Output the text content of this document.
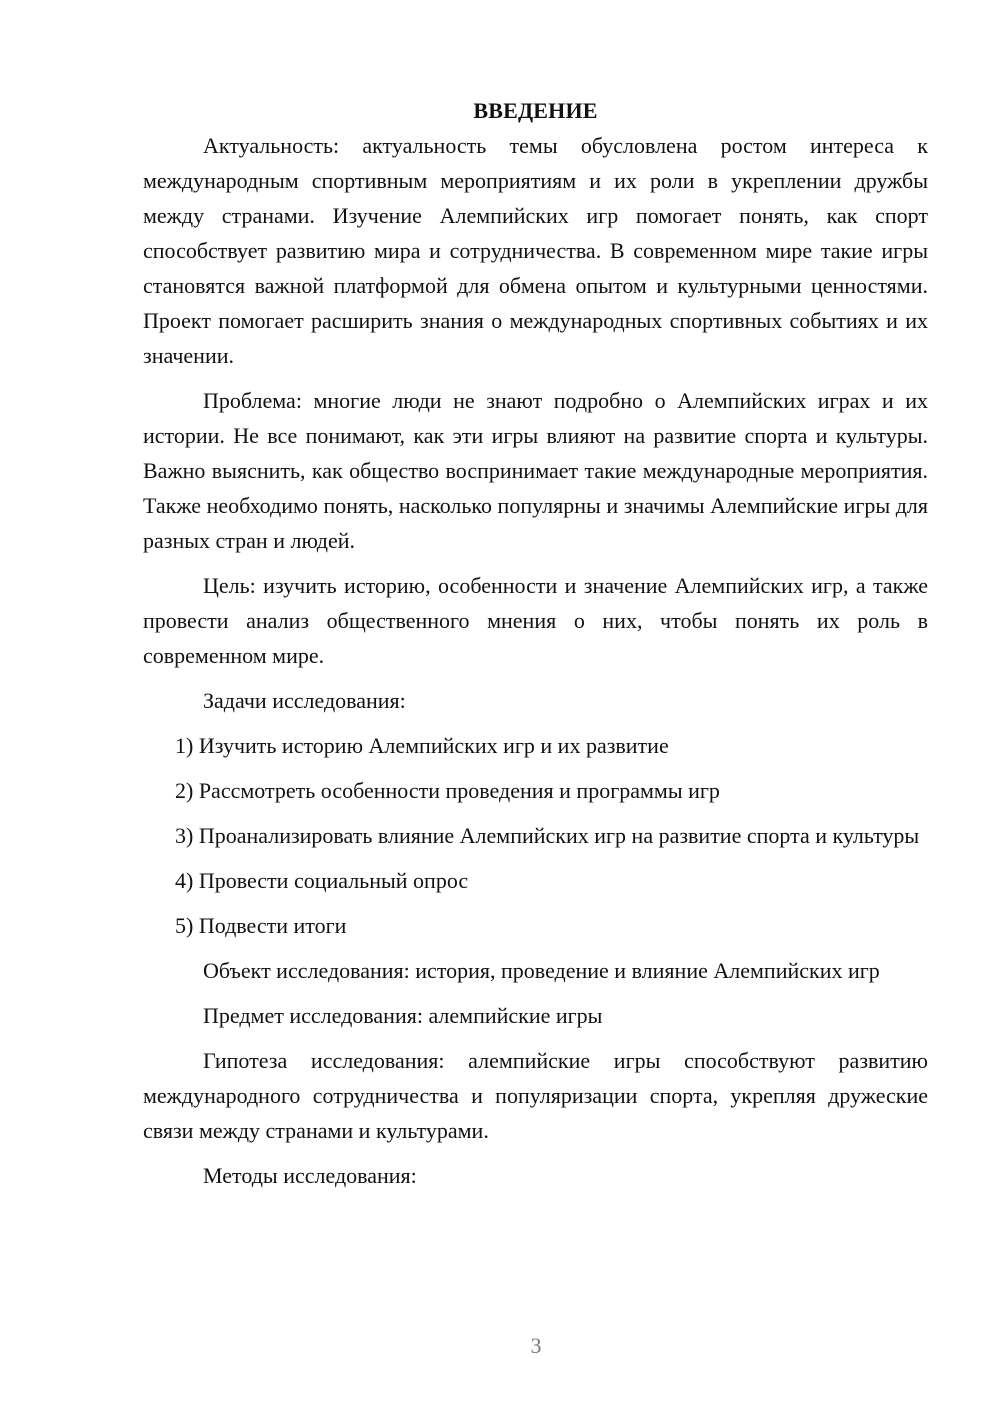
ВВЕДЕНИЕ

Актуальность: актуальность темы обусловлена ростом интереса к международным спортивным мероприятиям и их роли в укреплении дружбы между странами. Изучение Алемпийских игр помогает понять, как спорт способствует развитию мира и сотрудничества. В современном мире такие игры становятся важной платформой для обмена опытом и культурными ценностями. Проект помогает расширить знания о международных спортивных событиях и их значении.

Проблема: многие люди не знают подробно о Алемпийских играх и их истории. Не все понимают, как эти игры влияют на развитие спорта и культуры. Важно выяснить, как общество воспринимает такие международные мероприятия. Также необходимо понять, насколько популярны и значимы Алемпийские игры для разных стран и людей.

Цель: изучить историю, особенности и значение Алемпийских игр, а также провести анализ общественного мнения о них, чтобы понять их роль в современном мире.

Задачи исследования:

1) Изучить историю Алемпийских игр и их развитие

2) Рассмотреть особенности проведения и программы игр

3) Проанализировать влияние Алемпийских игр на развитие спорта и культуры

4) Провести социальный опрос

5) Подвести итоги

Объект исследования: история, проведение и влияние Алемпийских игр

Предмет исследования: алемпийские игры

Гипотеза исследования: алемпийские игры способствуют развитию международного сотрудничества и популяризации спорта, укрепляя дружеские связи между странами и культурами.

Методы исследования:

3
